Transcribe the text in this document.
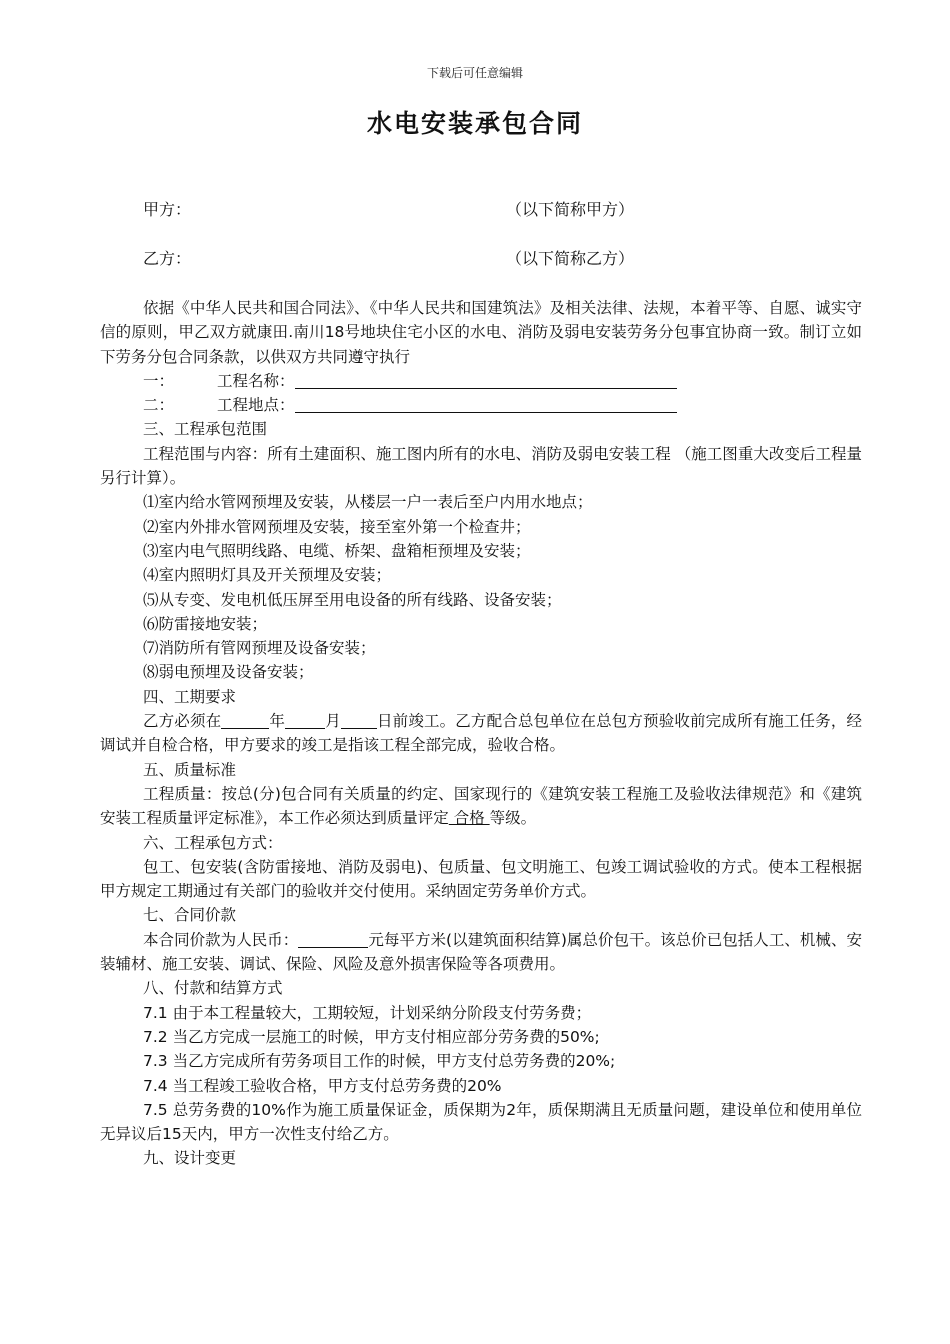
下载后可任意编辑
水电安装承包合同
甲方：	（以下简称甲方）
乙方：	（以下简称乙方）

依据《中华人民共和国合同法》、《中华人民共和国建筑法》及相关法律、法规，本着平等、自愿、诚实守信的原则，甲乙双方就康田.南川18号地块住宅小区的水电、消防及弱电安装劳务分包事宜协商一致。制订立如下劳务分包合同条款，以供双方共同遵守执行

一：	工程名称：

二：	工程地点：

三、工程承包范围

工程范围与内容：所有土建面积、施工图内所有的水电、消防及弱电安装工程 （施工图重大改变后工程量另行计算）。

⑴室内给水管网预埋及安装，从楼层一户一表后至户内用水地点；

⑵室内外排水管网预埋及安装，接至室外第一个检查井；

⑶室内电气照明线路、电缆、桥架、盘箱柜预埋及安装；

⑷室内照明灯具及开关预埋及安装；

⑸从专变、发电机低压屏至用电设备的所有线路、设备安装；

⑹防雷接地安装；

⑺消防所有管网预埋及设备安装；

⑻弱电预埋及设备安装；

四、工期要求

乙方必须在	年	月 日前竣工。乙方配合总包单位在总包方预验收前完成所有施工任务，经调试并自检合格，甲方要求的竣工是指该工程全部完成，验收合格。

五、质量标准

工程质量：按总(分)包合同有关质量的约定、国家现行的《建筑安装工程施工及验收法律规范》和《建筑安装工程质量评定标准》，本工作必须达到质量评定 合格 等级。

六、工程承包方式：

包工、包安装(含防雷接地、消防及弱电)、包质量、包文明施工、包竣工调试验收的方式。使本工程根据甲方规定工期通过有关部门的验收并交付使用。采纳固定劳务单价方式。

七、合同价款

本合同价款为人民币：	元每平方米(以建筑面积结算)属总价包干。该总价已包括人工、机械、安装辅材、施工安装、调试、保险、风险及意外损害保险等各项费用。

八、付款和结算方式

7.1 由于本工程量较大，工期较短，计划采纳分阶段支付劳务费；

7.2 当乙方完成一层施工的时候，甲方支付相应部分劳务费的50%;

7.3 当乙方完成所有劳务项目工作的时候，甲方支付总劳务费的20%;

7.4 当工程竣工验收合格，甲方支付总劳务费的20%

7.5 总劳务费的10%作为施工质量保证金，质保期为2年，质保期满且无质量问题，建设单位和使用单位无异议后15天内，甲方一次性支付给乙方。

九、设计变更
